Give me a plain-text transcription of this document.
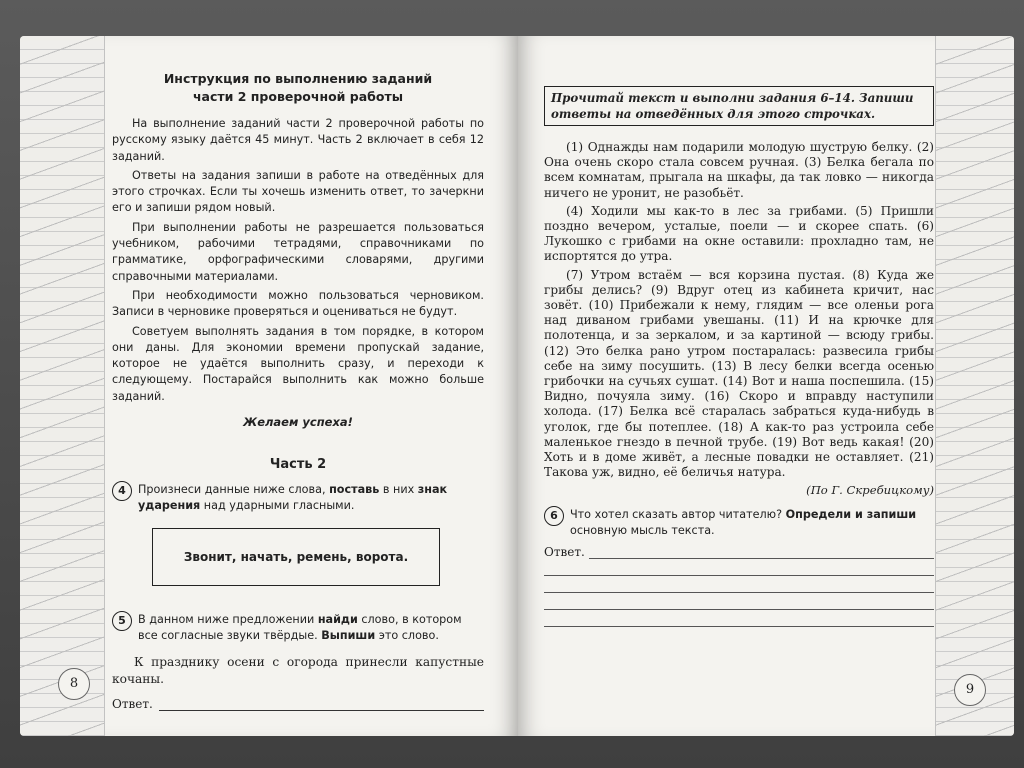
Инструкция по выполнению заданий
части 2 проверочной работы

На выполнение заданий части 2 проверочной работы по русскому языку даётся 45 минут. Часть 2 включает в себя 12 заданий.

Ответы на задания запиши в работе на отведённых для этого строчках. Если ты хочешь изменить ответ, то зачеркни его и запиши рядом новый.

При выполнении работы не разрешается пользоваться учебником, рабочими тетрадями, справочниками по грамматике, орфографическими словарями, другими справочными материалами.

При необходимости можно пользоваться черновиком. Записи в черновике проверяться и оцениваться не будут.

Советуем выполнять задания в том порядке, в котором они даны. Для экономии времени пропускай задание, которое не удаётся выполнить сразу, и переходи к следующему. Постарайся выполнить как можно больше заданий.

Желаем успеха!
Часть 2
4	Произнеси данные ниже слова, поставь в них знак ударения над ударными гласными.
Звонит, начать, ремень, ворота.
5	В данном ниже предложении найди слово, в котором все согласные звуки твёрдые. Выпиши это слово.
К празднику осени с огорода принесли капустные кочаны.
Ответ.
8
Прочитай текст и выполни задания 6–14. Запиши ответы на отведённых для этого строчках.

(1) Однажды нам подарили молодую шуструю белку. (2) Она очень скоро стала совсем ручная. (3) Белка бегала по всем комнатам, прыгала на шкафы, да так ловко — никогда ничего не уронит, не разобьёт.

(4) Ходили мы как-то в лес за грибами. (5) Пришли поздно вечером, усталые, поели — и скорее спать. (6) Лукошко с грибами на окне оставили: прохладно там, не испортятся до утра.

(7) Утром встаём — вся корзина пустая. (8) Куда же грибы делись? (9) Вдруг отец из кабинета кричит, нас зовёт. (10) Прибежали к нему, глядим — все оленьи рога над диваном грибами увешаны. (11) И на крючке для полотенца, и за зеркалом, и за картиной — всюду грибы. (12) Это белка рано утром постаралась: развесила грибы себе на зиму посушить. (13) В лесу белки всегда осенью грибочки на сучьях сушат. (14) Вот и наша поспешила. (15) Видно, почуяла зиму. (16) Скоро и вправду наступили холода. (17) Белка всё старалась забраться куда-нибудь в уголок, где бы потеплее. (18) А как-то раз устроила себе маленькое гнездо в печной трубе. (19) Вот ведь какая! (20) Хоть и в доме живёт, а лесные повадки не оставляет. (21) Такова уж, видно, её беличья натура.

(По Г. Скребицкому)
6	Что хотел сказать автор читателю? Определи и запиши основную мысль текста.
Ответ.
9
